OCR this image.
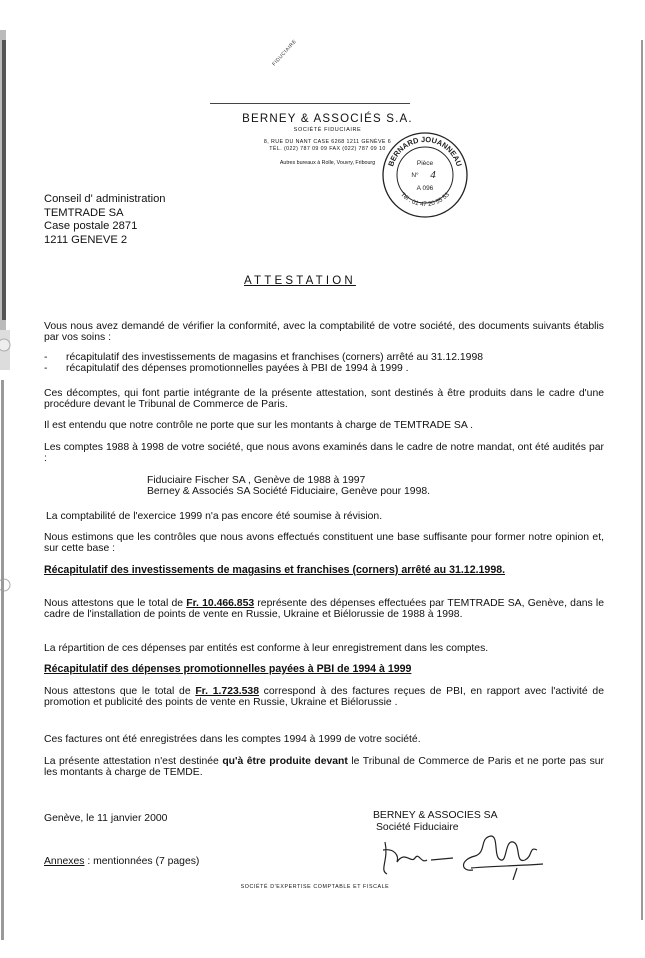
FIDUCIAIRE
BERNEY & ASSOCIÉS S.A.
SOCIÉTÉ FIDUCIAIRE
8, RUE DU NANT CASE 6268 1211 GENÈVE 6
TÉL. (022) 787 09 09 FAX (022) 787 09 10
Autres bureaux à Rolle, Vouvry, Fribourg	BERNARD JOUANNEAU
Tél : 01 47 20 55 53
Pièce
N° 4
A 096
Conseil d' administration
TEMTRADE SA
Case postale 2871
1211 GENEVE 2
ATTESTATION
Vous nous avez demandé de vérifier la conformité, avec la comptabilité de votre société, des documents suivants établis par vos soins :
- récapitulatif des investissements de magasins et franchises (corners) arrêté au 31.12.1998
- récapitulatif des dépenses promotionnelles payées à PBI de 1994 à 1999 .
Ces décomptes, qui font partie intégrante de la présente attestation, sont destinés à être produits dans le cadre d'une procédure devant le Tribunal de Commerce de Paris.
Il est entendu que notre contrôle ne porte que sur les montants à charge de TEMTRADE SA .
Les comptes 1988 à 1998 de votre société, que nous avons examinés dans le cadre de notre mandat, ont été audités par :
Fiduciaire Fischer SA , Genève de 1988 à 1997
Berney & Associés SA Société Fiduciaire, Genève pour 1998.
La comptabilité de l'exercice 1999 n'a pas encore été soumise à révision.
Nous estimons que les contrôles que nous avons effectués constituent une base suffisante pour former notre opinion et, sur cette base :
Récapitulatif des investissements de magasins et franchises (corners) arrêté au 31.12.1998.
Nous attestons que le total de Fr. 10.466.853 représente des dépenses effectuées par TEMTRADE SA, Genève, dans le cadre de l'installation de points de vente en Russie, Ukraine et Biélorussie de 1988 à 1998.
La répartition de ces dépenses par entités est conforme à leur enregistrement dans les comptes.
Récapitulatif des dépenses promotionnelles payées à PBI de 1994 à 1999
Nous attestons que le total de Fr. 1.723.538 correspond à des factures reçues de PBI, en rapport avec l'activité de promotion et publicité des points de vente en Russie, Ukraine et Biélorussie .
Ces factures ont été enregistrées dans les comptes 1994 à 1999 de votre société.
La présente attestation n'est destinée qu'à être produite devant le Tribunal de Commerce de Paris et ne porte pas sur les montants à charge de TEMDE.
Genève, le 11 janvier 2000	BERNEY & ASSOCIES SA
Société Fiduciaire
Annexes : mentionnées (7 pages)
SOCIÉTÉ D'EXPERTISE COMPTABLE ET FISCALE
